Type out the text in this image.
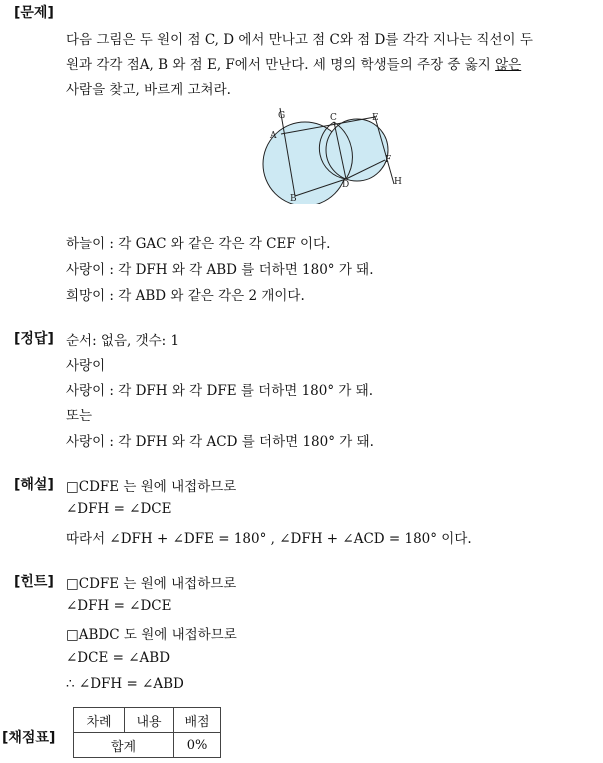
[문제]
다음 그림은 두 원이 점 C, D 에서 만나고 점 C와 점 D를 각각 지나는 직선이 두
원과 각각 점A, B 와 점 E, F에서 만난다. 세 명의 학생들의 주장 중 옳지 않은
사람을 찾고, 바르게 고쳐라.
G
A
C	E
F
D	H
B
하늘이 : 각 GAC 와 같은 각은 각 CEF 이다.
사랑이 : 각 DFH 와 각 ABD 를 더하면 180° 가 돼.
희망이 : 각 ABD 와 같은 각은 2 개이다.
[정답] 순서: 없음, 갯수: 1
사랑이
사랑이 : 각 DFH 와 각 DFE 를 더하면 180° 가 돼.
또는
사랑이 : 각 DFH 와 각 ACD 를 더하면 180° 가 돼.
[해설] □CDFE 는 원에 내접하므로
∠DFH = ∠DCE
따라서 ∠DFH + ∠DFE = 180° , ∠DFH + ∠ACD = 180° 이다.
[힌트] □CDFE 는 원에 내접하므로
∠DFH = ∠DCE
□ABDC 도 원에 내접하므로
∠DCE = ∠ABD
∴ ∠DFH = ∠ABD
[채점표]
차례	내용	배점
합계		0%
